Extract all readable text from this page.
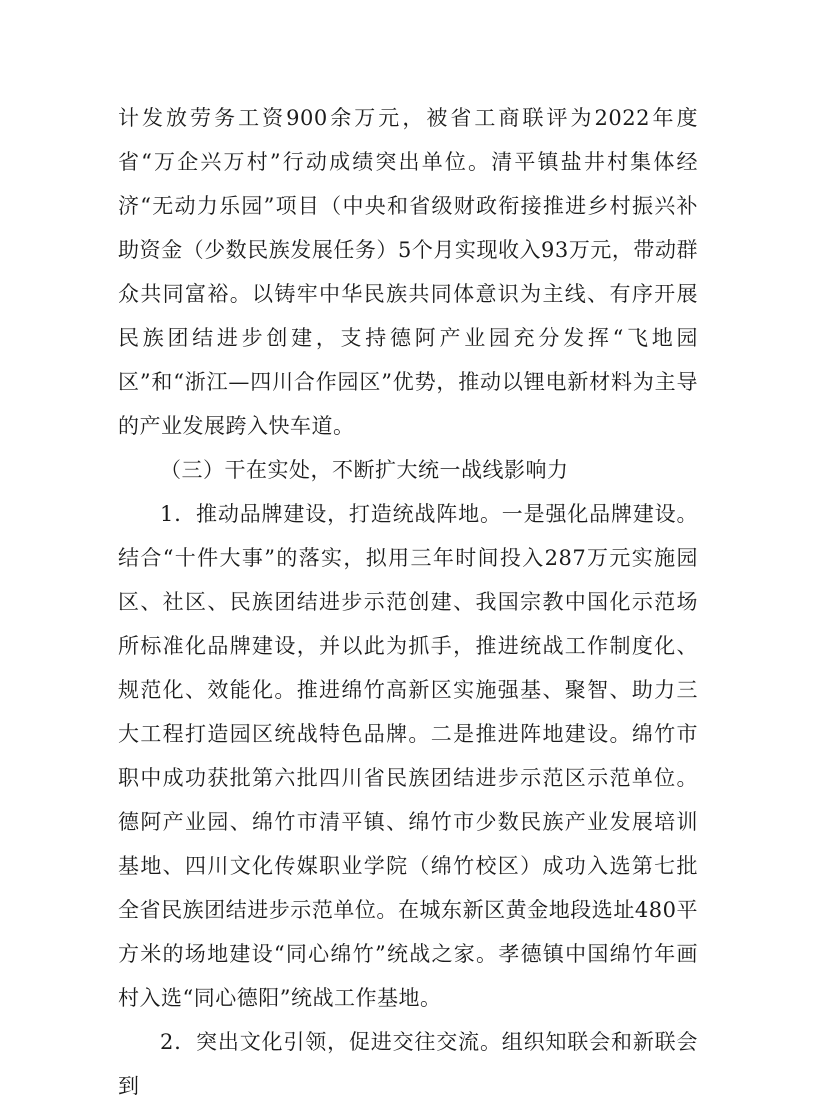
计发放劳务工资900余万元，被省工商联评为2022年度省“万企兴万村”行动成绩突出单位。清平镇盐井村集体经济“无动力乐园”项目（中央和省级财政衔接推进乡村振兴补助资金（少数民族发展任务）5个月实现收入93万元，带动群众共同富裕。以铸牢中华民族共同体意识为主线、有序开展民族团结进步创建，支持德阿产业园充分发挥“飞地园区”和“浙江—四川合作园区”优势，推动以锂电新材料为主导的产业发展跨入快车道。

（三）干在实处，不断扩大统一战线影响力

1．推动品牌建设，打造统战阵地。一是强化品牌建设。结合“十件大事”的落实，拟用三年时间投入287万元实施园区、社区、民族团结进步示范创建、我国宗教中国化示范场所标准化品牌建设，并以此为抓手，推进统战工作制度化、规范化、效能化。推进绵竹高新区实施强基、聚智、助力三大工程打造园区统战特色品牌。二是推进阵地建设。绵竹市职中成功获批第六批四川省民族团结进步示范区示范单位。德阿产业园、绵竹市清平镇、绵竹市少数民族产业发展培训基地、四川文化传媒职业学院（绵竹校区）成功入选第七批全省民族团结进步示范单位。在城东新区黄金地段选址480平方米的场地建设“同心绵竹”统战之家。孝德镇中国绵竹年画村入选“同心德阳”统战工作基地。

2．突出文化引领，促进交往交流。组织知联会和新联会到
